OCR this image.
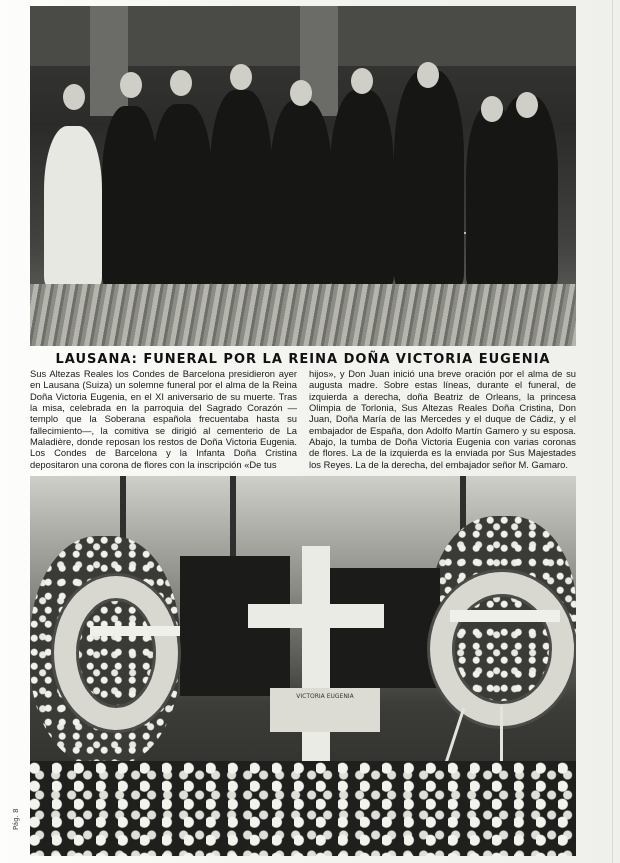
LAUSANA: FUNERAL POR LA REINA DOÑA VICTORIA EUGENIA
Sus Altezas Reales los Condes de Barcelona presidieron ayer en Lausana (Suiza) un solemne funeral por el alma de la Reina Doña Victoria Eugenia, en el XI aniversario de su muerte. Tras la misa, celebrada en la parroquia del Sagrado Corazón —templo que la Soberana española frecuentaba hasta su fallecimiento—, la comitiva se dirigió al cementerio de La Maladière, donde reposan los restos de Doña Victoria Eugenia. Los Condes de Barcelona y la Infanta Doña Cristina depositaron una corona de flores con la inscripción «De tus
hijos», y Don Juan inició una breve oración por el alma de su augusta madre. Sobre estas líneas, durante el funeral, de izquierda a derecha, doña Beatriz de Orleans, la princesa Olimpia de Torlonia, Sus Altezas Reales Doña Cristina, Don Juan, Doña María de las Mercedes y el duque de Cádiz, y el embajador de España, don Adolfo Martín Gamero y su esposa. Abajo, la tumba de Doña Victoria Eugenia con varias coronas de flores. La de la izquierda es la enviada por Sus Majestades los Reyes. La de la derecha, del embajador señor M. Gamaro.
VICTORIA EUGENIA
Pág. 8
